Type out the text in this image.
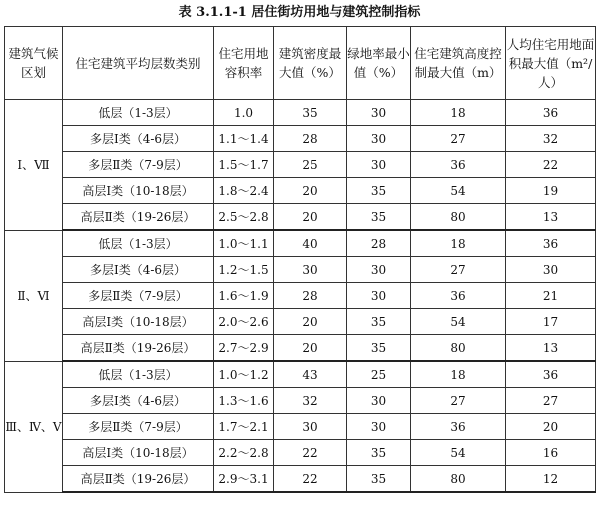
表 3.1.1-1 居住街坊用地与建筑控制指标
建筑气候区划	住宅建筑平均层数类别	住宅用地容积率	建筑密度最大值（%）	绿地率最小值（%）	住宅建筑高度控制最大值（m）	人均住宅用地面积最大值（m²/人）
Ⅰ、Ⅶ	低层（1-3层）	1.0	35	30	18	36
	多层Ⅰ类（4-6层）	1.1～1.4	28	30	27	32
	多层Ⅱ类（7-9层）	1.5～1.7	25	30	36	22
	高层Ⅰ类（10-18层）	1.8～2.4	20	35	54	19
	高层Ⅱ类（19-26层）	2.5～2.8	20	35	80	13
Ⅱ、Ⅵ	低层（1-3层）	1.0～1.1	40	28	18	36
	多层Ⅰ类（4-6层）	1.2～1.5	30	30	27	30
	多层Ⅱ类（7-9层）	1.6～1.9	28	30	36	21
	高层Ⅰ类（10-18层）	2.0～2.6	20	35	54	17
	高层Ⅱ类（19-26层）	2.7～2.9	20	35	80	13
Ⅲ、Ⅳ、Ⅴ	低层（1-3层）	1.0～1.2	43	25	18	36
	多层Ⅰ类（4-6层）	1.3～1.6	32	30	27	27
	多层Ⅱ类（7-9层）	1.7～2.1	30	30	36	20
	高层Ⅰ类（10-18层）	2.2～2.8	22	35	54	16
	高层Ⅱ类（19-26层）	2.9～3.1	22	35	80	12
